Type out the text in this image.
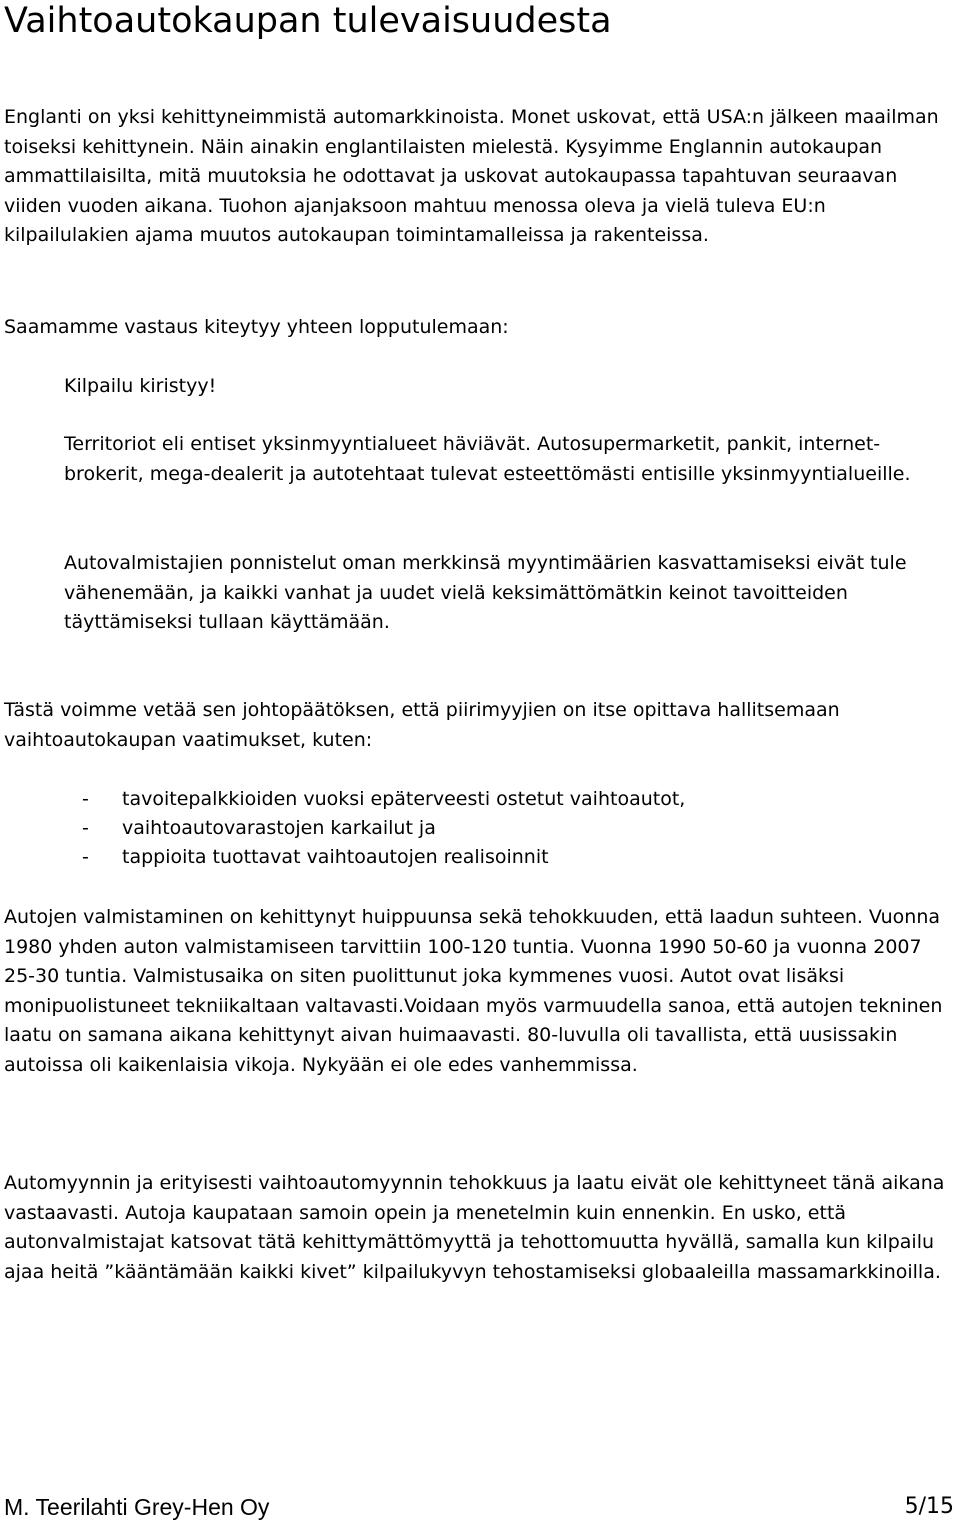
Vaihtoautokaupan tulevaisuudesta

Englanti on yksi kehittyneimmistä automarkkinoista. Monet uskovat, että USA:n jälkeen maailman toiseksi kehittynein. Näin ainakin englantilaisten mielestä. Kysyimme Englannin autokaupan ammattilaisilta, mitä muutoksia he odottavat ja uskovat autokaupassa tapahtuvan seuraavan viiden vuoden aikana. Tuohon ajanjaksoon mahtuu menossa oleva ja vielä tuleva EU:n kilpailulakien ajama muutos autokaupan toimintamalleissa ja rakenteissa.

Saamamme vastaus kiteytyy yhteen lopputulemaan:

Kilpailu kiristyy!

Territoriot eli entiset yksinmyyntialueet häviävät. Autosupermarketit, pankit, internet-brokerit, mega-dealerit ja autotehtaat tulevat esteettömästi entisille yksinmyyntialueille.

Autovalmistajien ponnistelut oman merkkinsä myyntimäärien kasvattamiseksi eivät tule vähenemään, ja kaikki vanhat ja uudet vielä keksimättömätkin keinot tavoitteiden täyttämiseksi tullaan käyttämään.

Tästä voimme vetää sen johtopäätöksen, että piirimyyjien on itse opittava hallitsemaan vaihtoautokaupan vaatimukset, kuten:

-	tavoitepalkkioiden vuoksi epäterveesti ostetut vaihtoautot,
-	vaihtoautovarastojen karkailut ja
-	tappioita tuottavat vaihtoautojen realisoinnit

Autojen valmistaminen on kehittynyt huippuunsa sekä tehokkuuden, että laadun suhteen. Vuonna 1980 yhden auton valmistamiseen tarvittiin 100-120 tuntia. Vuonna 1990 50-60 ja vuonna 2007 25-30 tuntia. Valmistusaika on siten puolittunut joka kymmenes vuosi. Autot ovat lisäksi monipuolistuneet tekniikaltaan valtavasti.Voidaan myös varmuudella sanoa, että autojen tekninen laatu on samana aikana kehittynyt aivan huimaavasti. 80-luvulla oli tavallista, että uusissakin autoissa oli kaikenlaisia vikoja. Nykyään ei ole edes vanhemmissa.

Automyynnin ja erityisesti vaihtoautomyynnin tehokkuus ja laatu eivät ole kehittyneet tänä aikana vastaavasti. Autoja kaupataan samoin opein ja menetelmin kuin ennenkin. En usko, että autonvalmistajat katsovat tätä kehittymättömyyttä ja tehottomuutta hyvällä, samalla kun kilpailu ajaa heitä ”kääntämään kaikki kivet” kilpailukyvyn tehostamiseksi globaaleilla massamarkkinoilla.

M. Teerilahti Grey-Hen Oy	5/15
